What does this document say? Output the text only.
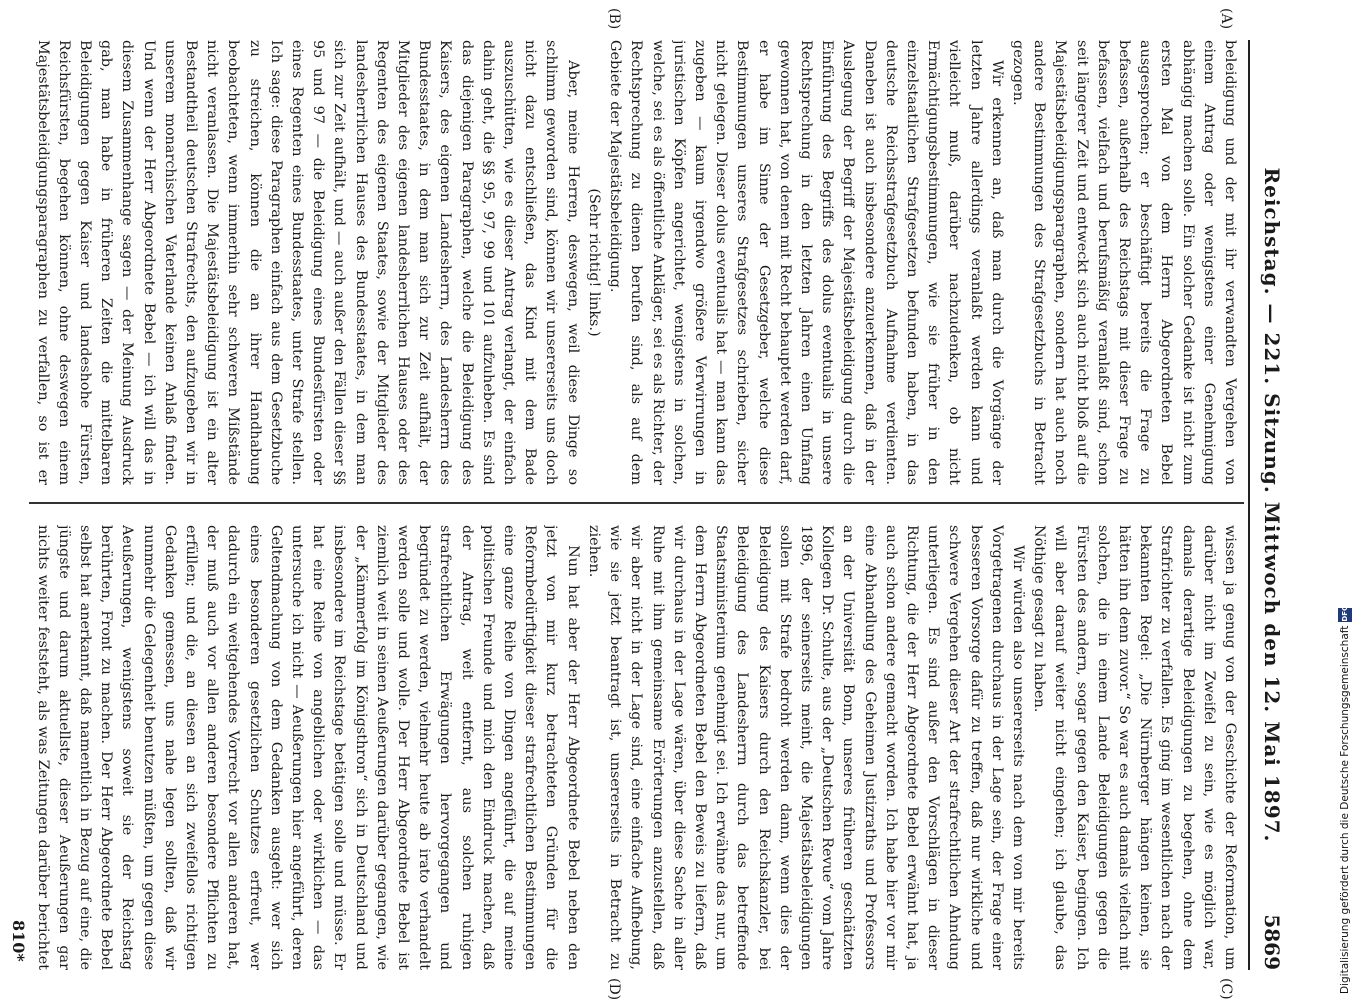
Reichstag. — 221. Sitzung. Mittwoch den 12. Mai 1897.
5869
(A)
(B)
(C)
(D)

beleidigung und der mit ihr verwandten Vergehen von einem Antrag oder wenigstens einer Genehmigung abhängig machen solle. Ein solcher Gedanke ist nicht zum ersten Mal von dem Herrn Abgeordneten Bebel ausgesprochen; er beschäftigt bereits die Frage zu befassen, außerhalb des Reichstags mit dieser Frage zu befassen, vielfach und berufsmäßig veranlaßt sind, schon seit längerer Zeit und entweckt sich auch nicht bloß auf die Majestätsbeleidigungsparagraphen, sondern hat auch noch andere Bestimmungen des Strafgesetzbuchs in Betracht gezogen.

Wir erkennen an, daß man durch die Vorgänge der letzten Jahre allerdings veranlaßt werden kann und vielleicht muß, darüber nachzudenken, ob nicht Ermächtigungsbestimmungen, wie sie früher in den einzelstaatlichen Strafgesetzen befunden haben, in das deutsche Reichsstrafgesetzbuch Aufnahme verdienten. Daneben ist auch insbesondere anzuerkennen, daß in der Auslegung der Begriff der Majestätsbeleidigung durch die Einführung des Begriffs des dolus eventualis in unsere Rechtsprechung in den letzten Jahren einen Umfang gewonnen hat, von denen mit Recht behauptet werden darf, er habe im Sinne der Gesetzgeber, welche diese Bestimmungen unseres Strafgesetzes schrieben, sicher nicht gelegen. Dieser dolus eventualis hat — man kann das zugeben — kaum irgendwo größere Verwirrungen in juristischen Köpfen angerichtet, wenigstens in solchen, welche, sei es als öffentliche Ankläger, sei es als Richter, der Rechtsprechung zu dienen berufen sind, als auf dem Gebiete der Majestätsbeleidigung.

(Sehr richtig! links.)

Aber, meine Herren, deswegen, weil diese Dinge so schlimm geworden sind, können wir unsererseits uns doch nicht dazu entschließen, das Kind mit dem Bade auszuschütten, wie es dieser Antrag verlangt, der einfach dahin geht, die §§ 95, 97, 99 und 101 aufzuheben. Es sind das diejenigen Paragraphen, welche die Beleidigung des Kaisers, des eigenen Landesherrn, des Landesherrn des Bundesstaates, in dem man sich zur Zeit aufhält, der Mitglieder des eigenen landesherrlichen Hauses oder des Regenten des eigenen Staates, sowie der Mitglieder des landesherrlichen Hauses des Bundesstaates, in dem man sich zur Zeit aufhält, und — auch außer den Fällen dieser §§ 95 und 97 — die Beleidigung eines Bundesfürsten oder eines Regenten eines Bundesstaates, unter Strafe stellen. Ich sage: diese Paragraphen einfach aus dem Gesetzbuche zu streichen, können die an ihrer Handhabung beobachteten, wenn immerhin sehr schweren Mißstände nicht veranlassen. Die Majestätsbeleidigung ist ein alter Bestandtheil deutschen Strafrechts, den aufzugeben wir in unserem monarchischen Vaterlande keinen Anlaß finden. Und wenn der Herr Abgeordnete Bebel — ich will das in diesem Zusammenhange sagen — der Meinung Ausdruck gab, man habe in früheren Zeiten die mittelbaren Beleidigungen gegen Kaiser und landeshohe Fürsten, Reichsfürsten, begehen können, ohne deswegen einem Majestätsbeleidigungsparagraphen zu verfallen, so ist er

wissen ja genug von der Geschichte der Reformation, um darüber nicht im Zweifel zu sein, wie es möglich war, damals derartige Beleidigungen zu begehen, ohne dem Strafrichter zu verfallen. Es ging im wesentlichen nach der bekannten Regel: „Die Nürnberger hängen keinen, sie hätten ihn denn zuvor.“ So war es auch damals vielfach mit solchen, die in einem Lande Beleidigungen gegen die Fürsten des andern, sogar gegen den Kaiser, begingen. Ich will aber darauf weiter nicht eingehen; ich glaube, das Nöthige gesagt zu haben.

Wir würden also unsererseits nach dem von mir bereits Vorgetragenen durchaus in der Lage sein, der Frage einer besseren Vorsorge dafür zu treffen, daß nur wirkliche und schwere Vergehen dieser Art der strafrechtlichen Ahndung unterliegen. Es sind außer den Vorschlägen in dieser Richtung, die der Herr Abgeordnete Bebel erwähnt hat, ja auch schon andere gemacht worden. Ich habe hier vor mir eine Abhandlung des Geheimen Justizraths und Professors an der Universität Bonn, unseres früheren geschätzten Kollegen Dr. Schulte, aus der „Deutschen Revue“ vom Jahre 1896, der seinerseits meint, die Majestätsbeleidigungen sollen mit Strafe bedroht werden dann, wenn dies der Beleidigung des Kaisers durch den Reichskanzler, bei Beleidigung des Landesherrn durch das betreffende Staatsministerium genehmigt sei. Ich erwähne das nur, um dem Herrn Abgeordneten Bebel den Beweis zu liefern, daß wir durchaus in der Lage wären, über diese Sache in aller Ruhe mit ihm gemeinsame Erörterungen anzustellen, daß wir aber nicht in der Lage sind, eine einfache Aufhebung, wie sie jetzt beantragt ist, unsererseits in Betracht zu ziehen.

Nun hat aber der Herr Abgeordnete Bebel neben den jetzt von mir kurz betrachteten Gründen für die Reformbedürftigkeit dieser strafrechtlichen Bestimmungen eine ganze Reihe von Dingen angeführt, die auf meine politischen Freunde und mich den Eindruck machen, daß der Antrag, weit entfernt, aus solchen ruhigen strafrechtlichen Erwägungen hervorgegangen und begründet zu werden, vielmehr heute ab irato verhandelt werden solle und wolle. Der Herr Abgeordnete Bebel ist ziemlich weit in seinen Aeußerungen darüber gegangen, wie der „Kämmerfolg im Königsthron“ sich in Deutschland und insbesondere im Reichstage betätigen solle und müsse. Er hat eine Reihe von angeblichen oder wirklichen — das untersuche ich nicht — Aeußerungen hier angeführt, deren Geltendmachung von dem Gedanken ausgeht: wer sich eines besonderen gesetzlichen Schutzes erfreut, wer dadurch ein weitgehendes Vorrecht vor allen anderen hat, der muß auch vor allen anderen besondere Pflichten zu erfüllen; und die, an diesen an sich zweifellos richtigen Gedanken gemessen, uns nahe legen sollten, daß wir nunmehr die Gelegenheit benutzen müßten, um gegen diese Aeußerungen, wenigstens soweit sie der Reichstag berührten, Front zu machen. Der Herr Abgeordnete Bebel selbst hat anerkannt, daß namentlich in Bezug auf eine, die jüngste und darum aktuellste, dieser Aeußerungen gar nichts weiter feststeht, als was Zeitungen darüber berichtet

810*	Digitalisierung gefördert durch die Deutsche ForschungsgemeinschaftDFG
